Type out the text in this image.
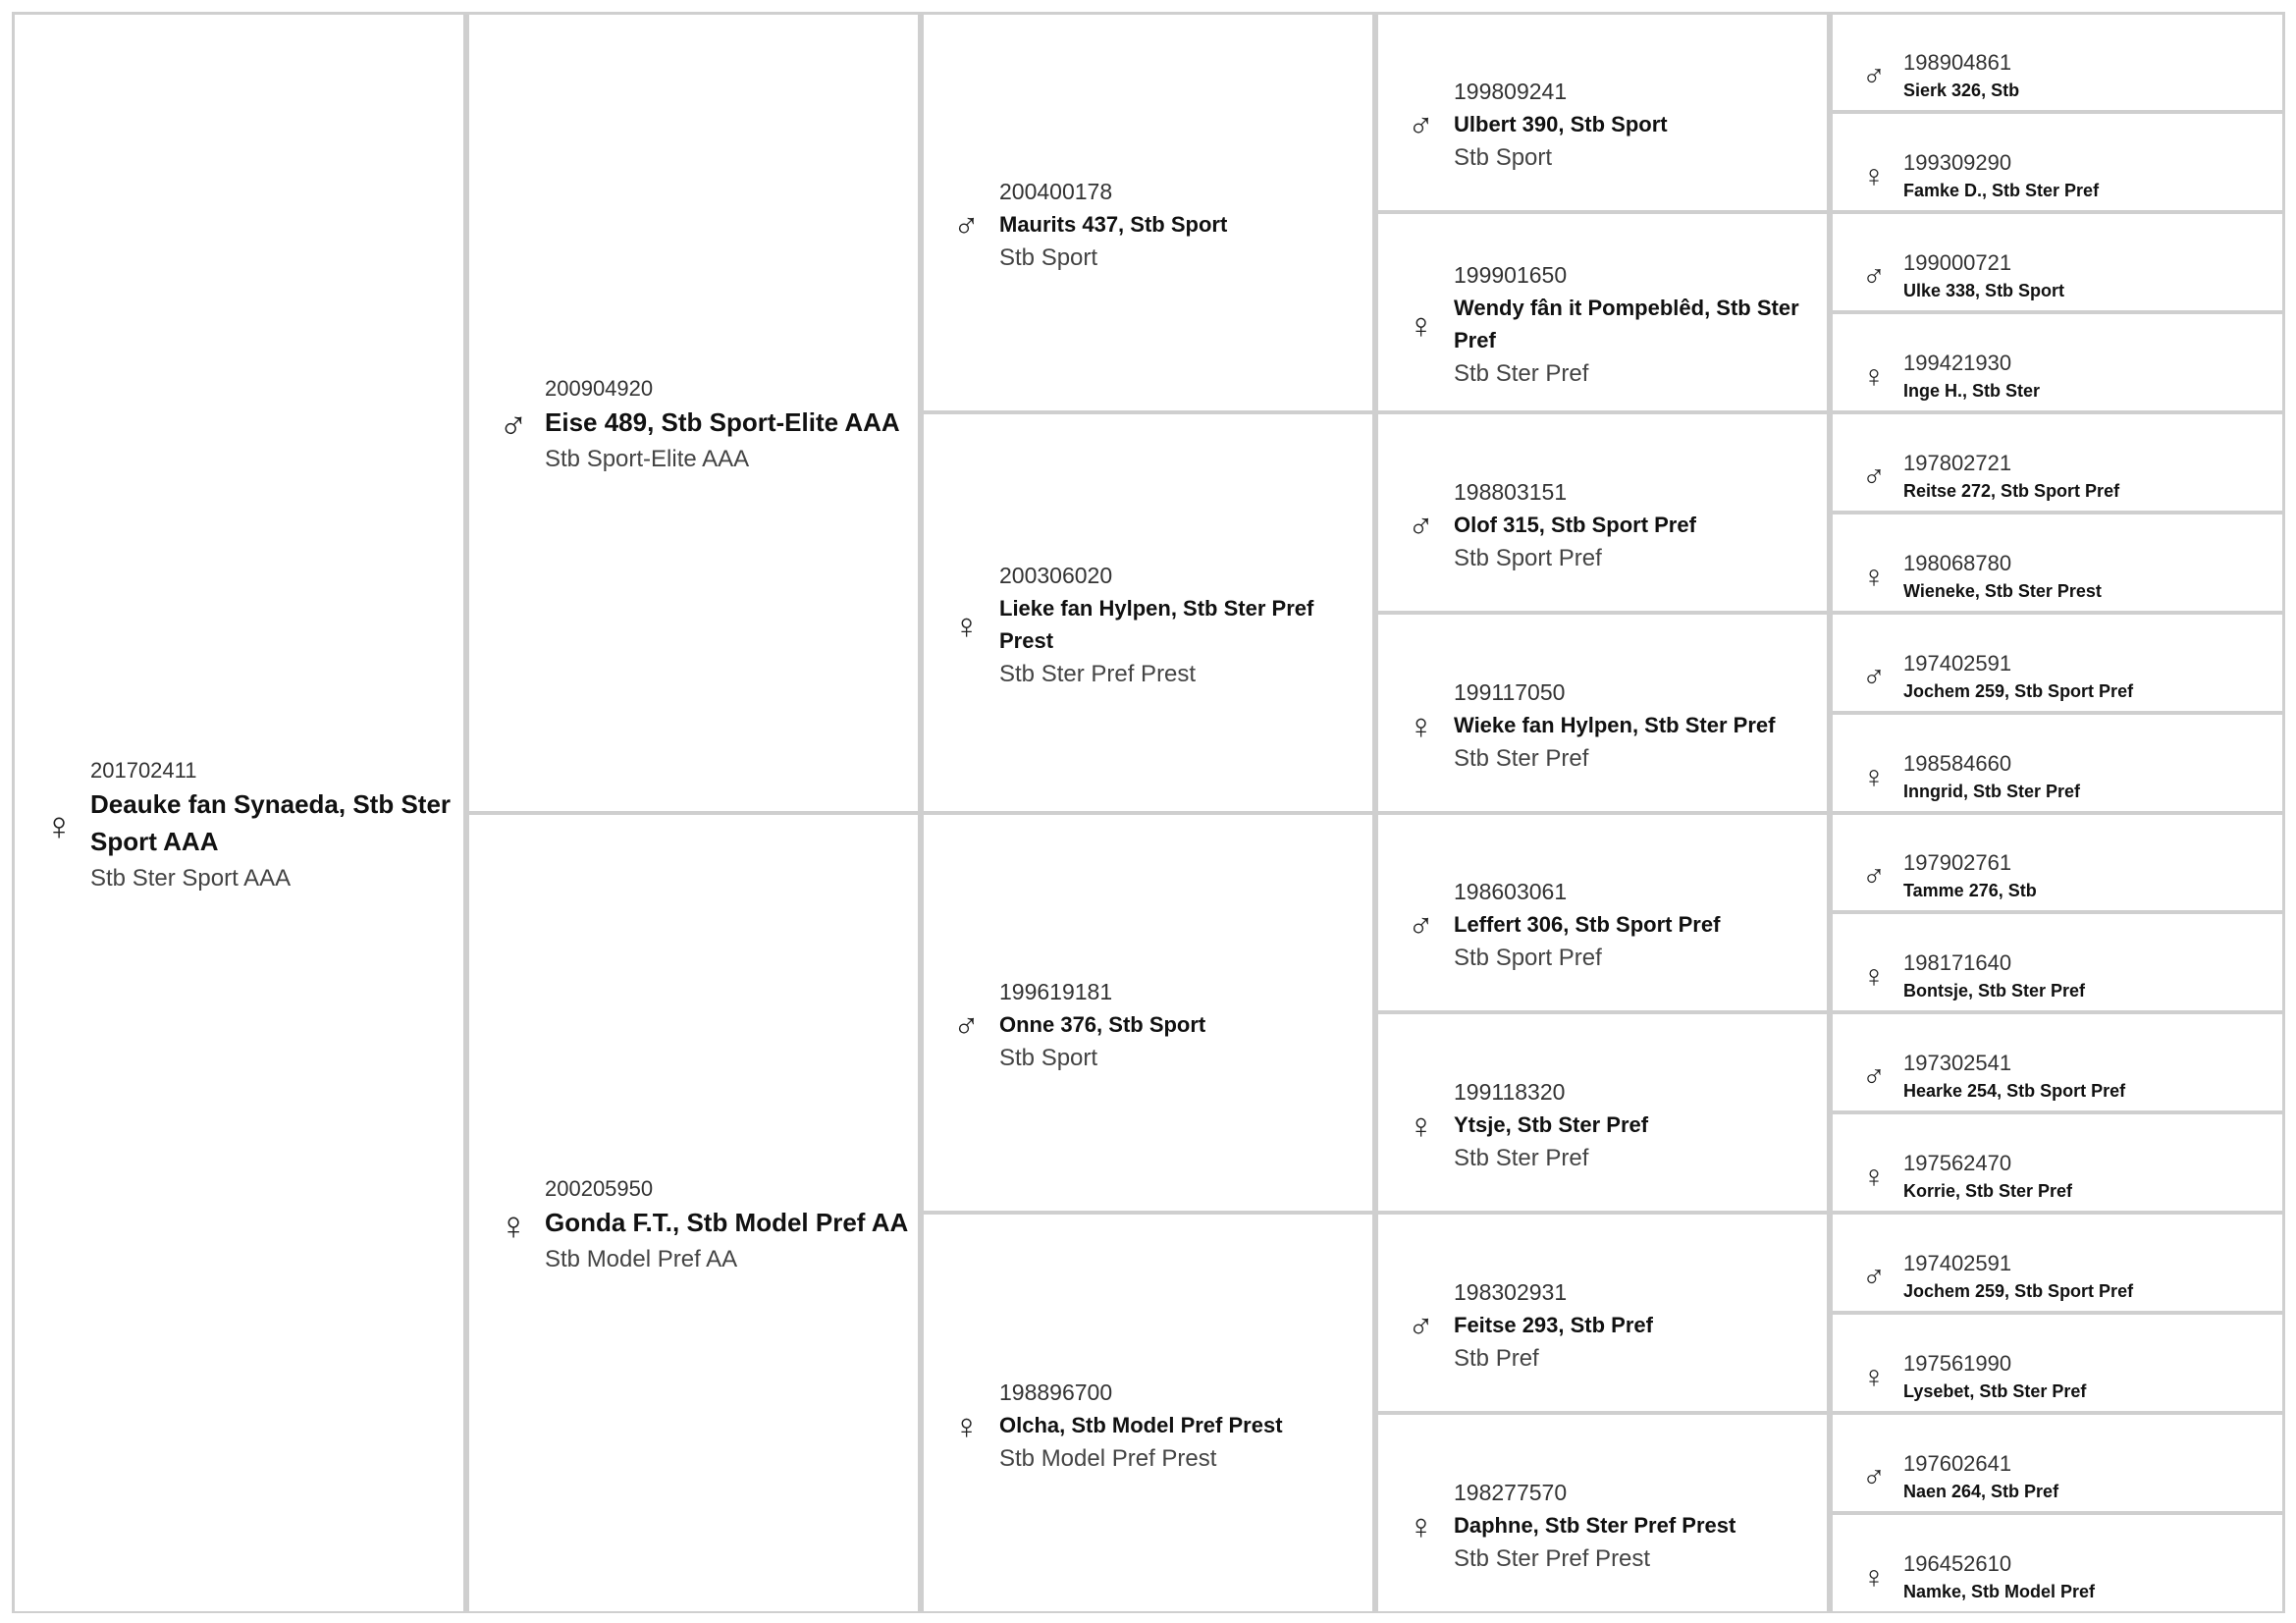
♀
201702411
Deauke fan Synaeda, Stb Ster Sport AAA
Stb Ster Sport AAA
♂
200904920
Eise 489, Stb Sport-Elite AAA
Stb Sport-Elite AAA
♀
200205950
Gonda F.T., Stb Model Pref AA
Stb Model Pref AA
♂
200400178
Maurits 437, Stb Sport
Stb Sport
♀
200306020
Lieke fan Hylpen, Stb Ster Pref Prest
Stb Ster Pref Prest
♂
199619181
Onne 376, Stb Sport
Stb Sport
♀
198896700
Olcha, Stb Model Pref Prest
Stb Model Pref Prest
♂
199809241
Ulbert 390, Stb Sport
Stb Sport
♀
199901650
Wendy fân it Pompeblêd, Stb Ster Pref
Stb Ster Pref
♂
198803151
Olof 315, Stb Sport Pref
Stb Sport Pref
♀
199117050
Wieke fan Hylpen, Stb Ster Pref
Stb Ster Pref
♂
198603061
Leffert 306, Stb Sport Pref
Stb Sport Pref
♀
199118320
Ytsje, Stb Ster Pref
Stb Ster Pref
♂
198302931
Feitse 293, Stb Pref
Stb Pref
♀
198277570
Daphne, Stb Ster Pref Prest
Stb Ster Pref Prest
♂ 198904861
Sierk 326, Stb
♀ 199309290
Famke D., Stb Ster Pref
♂ 199000721
Ulke 338, Stb Sport
♀ 199421930
Inge H., Stb Ster
♂ 197802721
Reitse 272, Stb Sport Pref
♀ 198068780
Wieneke, Stb Ster Prest
♂ 197402591
Jochem 259, Stb Sport Pref
♀ 198584660
Inngrid, Stb Ster Pref
♂ 197902761
Tamme 276, Stb
♀ 198171640
Bontsje, Stb Ster Pref
♂ 197302541
Hearke 254, Stb Sport Pref
♀ 197562470
Korrie, Stb Ster Pref
♂ 197402591
Jochem 259, Stb Sport Pref
♀ 197561990
Lysebet, Stb Ster Pref
♂ 197602641
Naen 264, Stb Pref
♀ 196452610
Namke, Stb Model Pref
